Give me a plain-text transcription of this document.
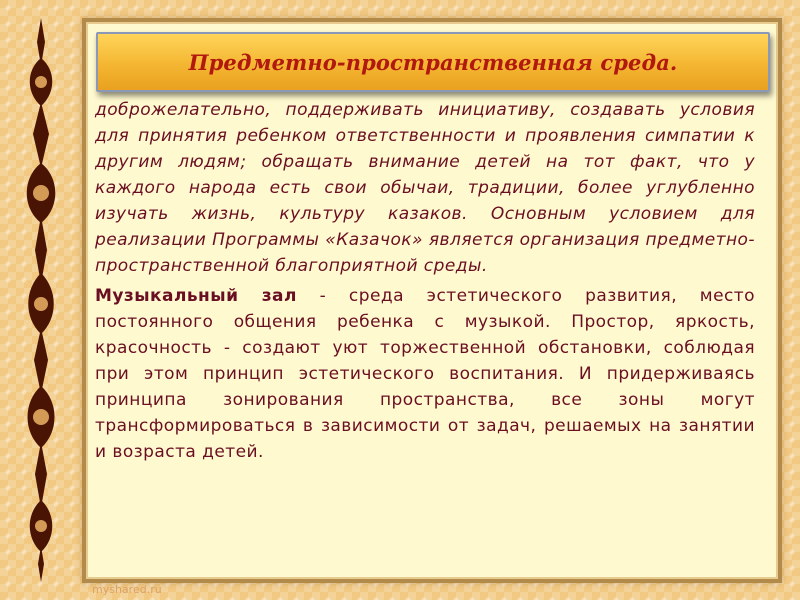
Предметно-пространственная среда.

доброжелательно, поддерживать инициативу, создавать условия для принятия ребенком ответственности и проявления симпатии к другим людям; обращать внимание детей на тот факт, что у каждого народа есть свои обычаи, традиции, более углубленно изучать жизнь, культуру казаков. Основным условием для реализации Программы «Казачок» является организация предметно-пространственной благоприятной среды.

Музыкальный зал - среда эстетического развития, место постоянного общения ребенка с музыкой. Простор, яркость, красочность - создают уют торжественной обстановки, соблюдая при этом принцип эстетического воспитания. И придерживаясь принципа зонирования пространства, все зоны могут трансформироваться в зависимости от задач, решаемых на занятии и возраста детей.

myshared.ru
